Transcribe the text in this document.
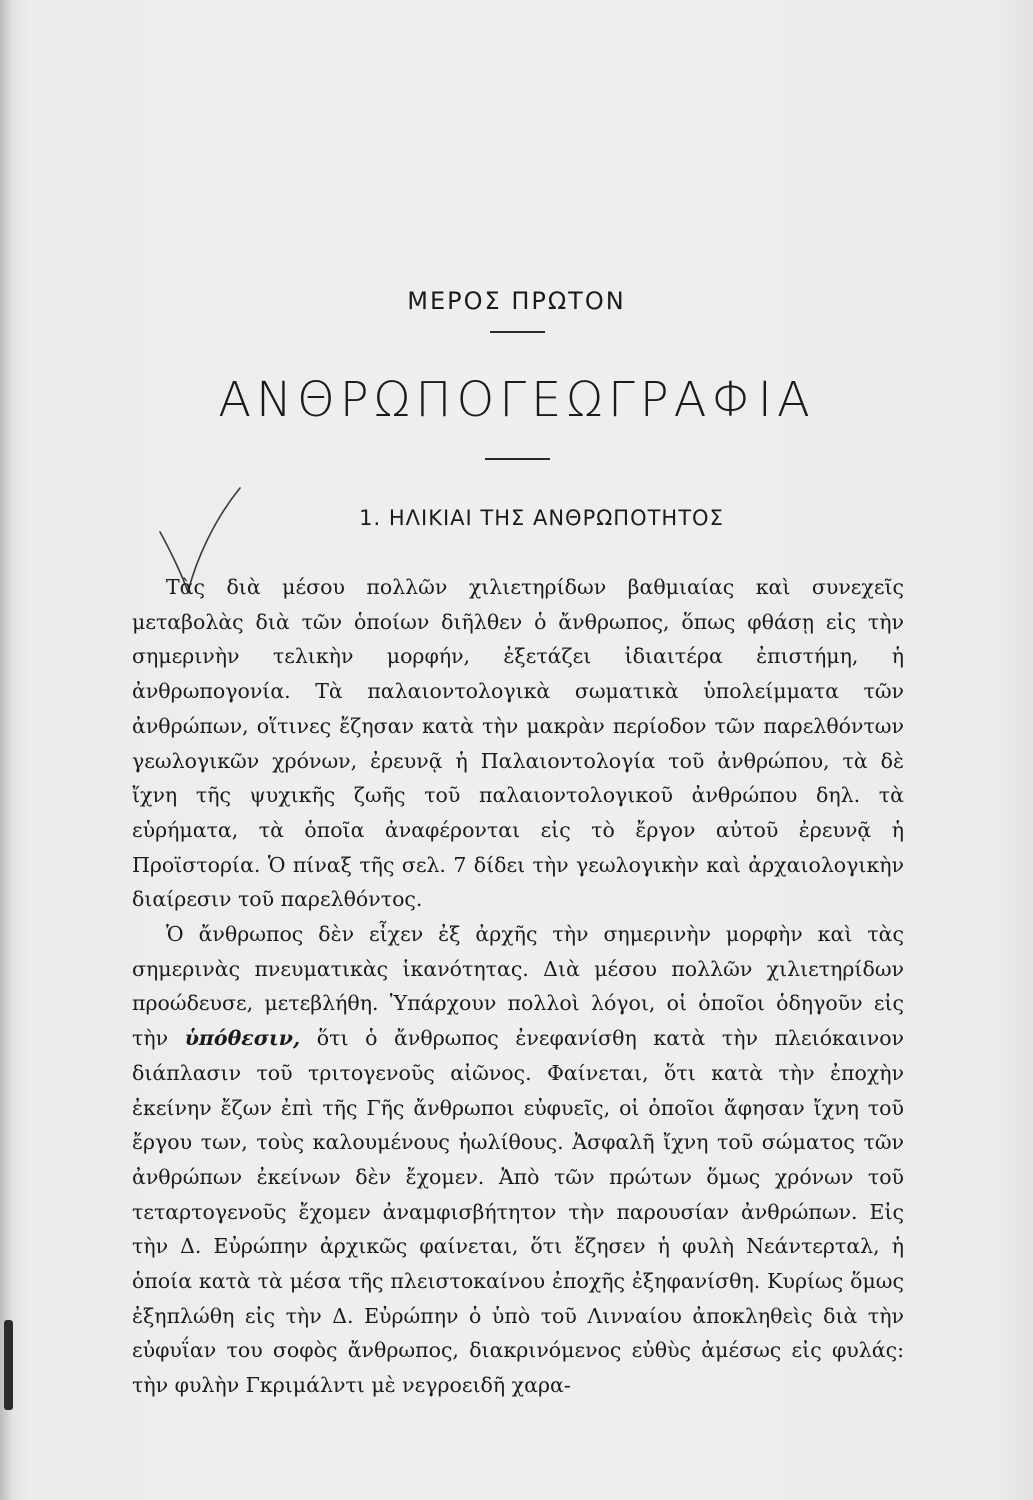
ΜΕΡΟΣ ΠΡΩΤΟΝ
ΑΝΘΡΩΠΟΓΕΩΓΡΑΦΙΑ
1. ΗΛΙΚΙΑΙ ΤΗΣ ΑΝΘΡΩΠΟΤΗΤΟΣ

Τὰς διὰ μέσου πολλῶν χιλιετηρίδων βαθμιαίας καὶ συνεχεῖς μεταβολὰς διὰ τῶν ὁποίων διῆλθεν ὁ ἄνθρωπος, ὅπως φθάσῃ εἰς τὴν σημερινὴν τελικὴν μορφήν, ἐξετάζει ἰδιαιτέρα ἐπιστήμη, ἡ ἀνθρωπογονία. Τὰ παλαιοντολογικὰ σωματικὰ ὑπολείμματα τῶν ἀνθρώπων, οἵτινες ἔζησαν κατὰ τὴν μακρὰν περίοδον τῶν παρελθόντων γεωλογικῶν χρόνων, ἐρευνᾷ ἡ Παλαιοντολογία τοῦ ἀνθρώπου, τὰ δὲ ἴχνη τῆς ψυχικῆς ζωῆς τοῦ παλαιοντολογικοῦ ἀνθρώπου δηλ. τὰ εὑρήματα, τὰ ὁποῖα ἀναφέρονται εἰς τὸ ἔργον αὐτοῦ ἐρευνᾷ ἡ Προϊστορία. Ὁ πίναξ τῆς σελ. 7 δίδει τὴν γεωλογικὴν καὶ ἀρχαιολογικὴν διαίρεσιν τοῦ παρελθόντος.

Ὁ ἄνθρωπος δὲν εἶχεν ἐξ ἀρχῆς τὴν σημερινὴν μορφὴν καὶ τὰς σημερινὰς πνευματικὰς ἱκανότητας. Διὰ μέσου πολλῶν χιλιετηρίδων προώδευσε, μετεβλήθη. Ὑπάρχουν πολλοὶ λόγοι, οἱ ὁποῖοι ὁδηγοῦν εἰς τὴν ὑπόθεσιν, ὅτι ὁ ἄνθρωπος ἐνεφανίσθη κατὰ τὴν πλειόκαινον διάπλασιν τοῦ τριτογενοῦς αἰῶνος. Φαίνεται, ὅτι κατὰ τὴν ἐποχὴν ἐκείνην ἔζων ἐπὶ τῆς Γῆς ἄνθρωποι εὐφυεῖς, οἱ ὁποῖοι ἄφησαν ἴχνη τοῦ ἔργου των, τοὺς καλουμένους ἠωλίθους. Ἀσφαλῆ ἴχνη τοῦ σώματος τῶν ἀνθρώπων ἐκείνων δὲν ἔχομεν. Ἀπὸ τῶν πρώτων ὅμως χρόνων τοῦ τεταρτογενοῦς ἔχομεν ἀναμφισβήτητον τὴν παρουσίαν ἀνθρώπων. Εἰς τὴν Δ. Εὐρώπην ἀρχικῶς φαίνεται, ὅτι ἔζησεν ἡ φυλὴ Νεάντερταλ, ἡ ὁποία κατὰ τὰ μέσα τῆς πλειστοκαίνου ἐποχῆς ἐξηφανίσθη. Κυρίως ὅμως ἐξηπλώθη εἰς τὴν Δ. Εὐρώπην ὁ ὑπὸ τοῦ Λινναίου ἀποκληθεὶς διὰ τὴν εὐφυΐαν του σοφὸς ἄνθρωπος, διακρινόμενος εὐθὺς ἀμέσως εἰς φυλάς: τὴν φυλὴν Γκριμάλντι μὲ νεγροειδῆ χαρα-
